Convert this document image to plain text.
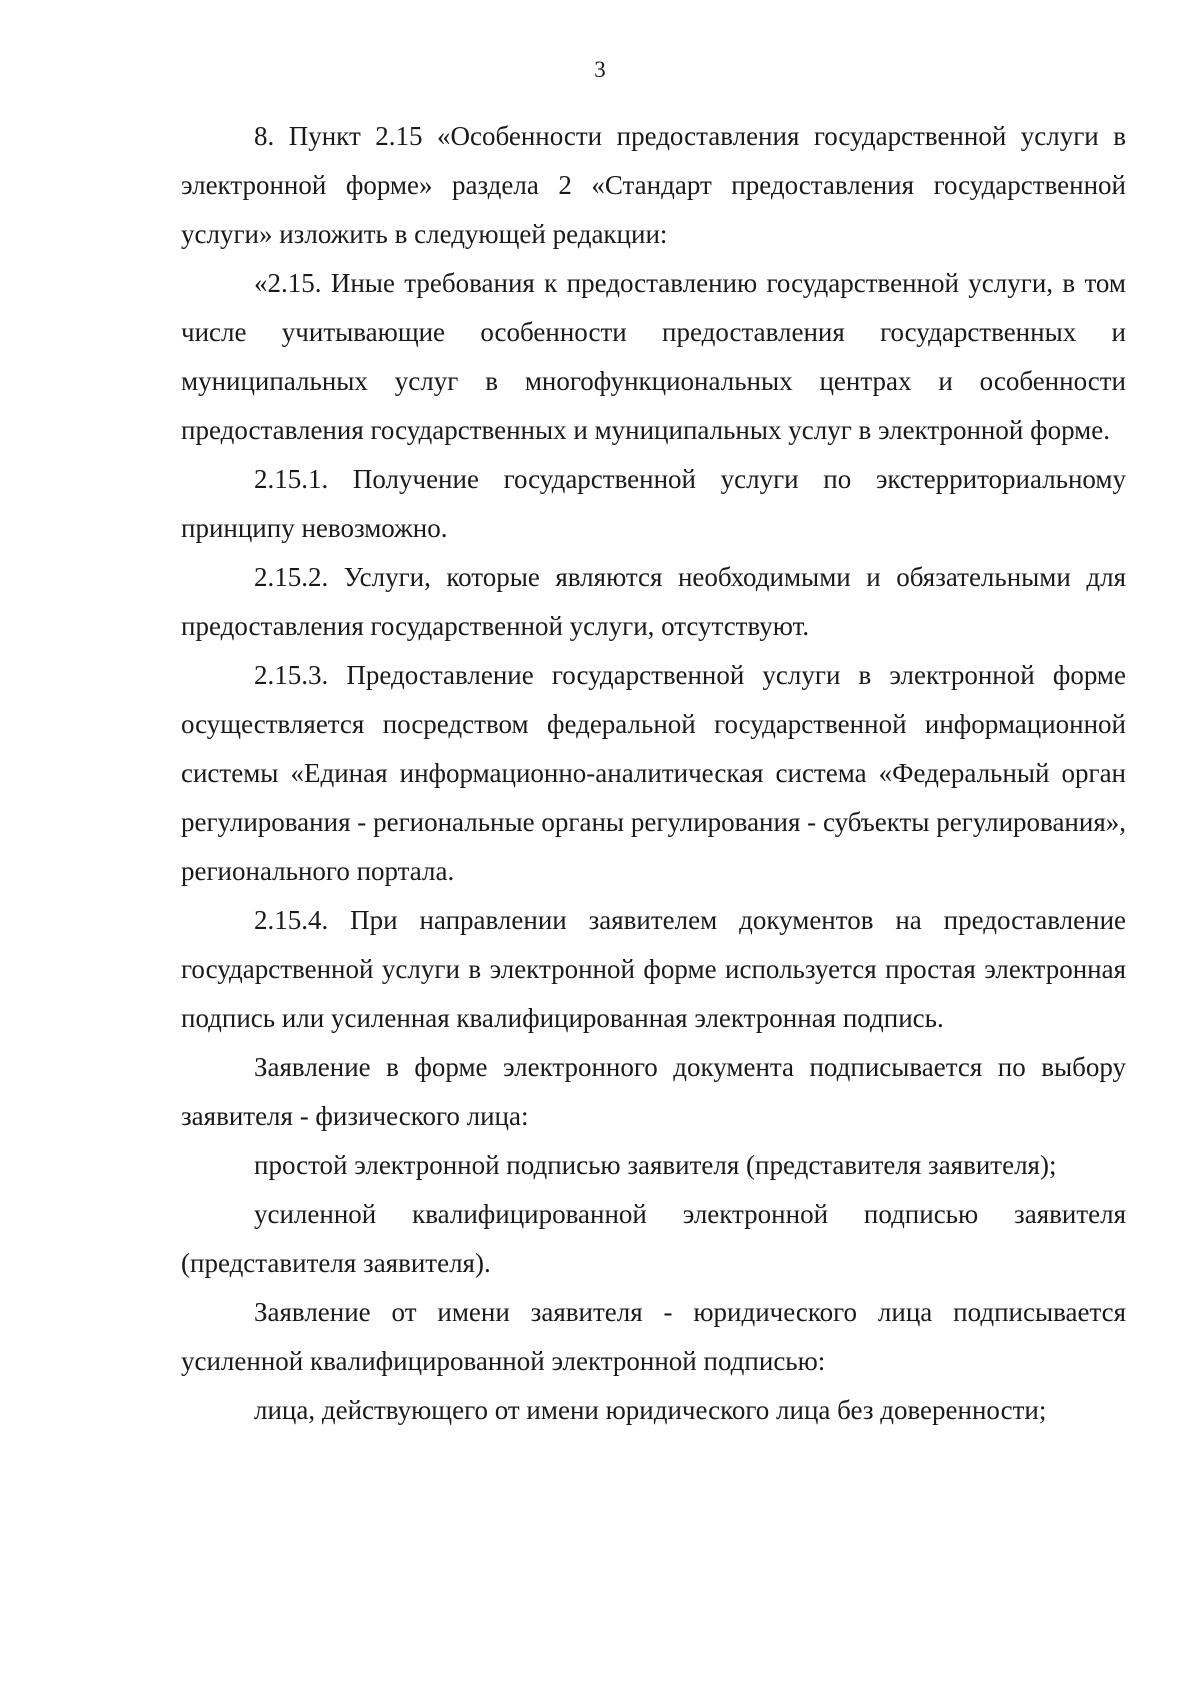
3

8. Пункт 2.15 «Особенности предоставления государственной услуги в электронной форме» раздела 2 «Стандарт предоставления государственной услуги» изложить в следующей редакции:

«2.15. Иные требования к предоставлению государственной услуги, в том числе учитывающие особенности предоставления государственных и муниципальных услуг в многофункциональных центрах и особенности предоставления государственных и муниципальных услуг в электронной форме.

2.15.1. Получение государственной услуги по экстерриториальному принципу невозможно.

2.15.2. Услуги, которые являются необходимыми и обязательными для предоставления государственной услуги, отсутствуют.

2.15.3. Предоставление государственной услуги в электронной форме осуществляется посредством федеральной государственной информационной системы «Единая информационно-аналитическая система «Федеральный орган регулирования - региональные органы регулирования - субъекты регулирования», регионального портала.

2.15.4. При направлении заявителем документов на предоставление государственной услуги в электронной форме используется простая электронная подпись или усиленная квалифицированная электронная подпись.

Заявление в форме электронного документа подписывается по выбору заявителя - физического лица:

простой электронной подписью заявителя (представителя заявителя);

усиленной квалифицированной электронной подписью заявителя (представителя заявителя).

Заявление от имени заявителя - юридического лица подписывается усиленной квалифицированной электронной подписью:

лица, действующего от имени юридического лица без доверенности;
